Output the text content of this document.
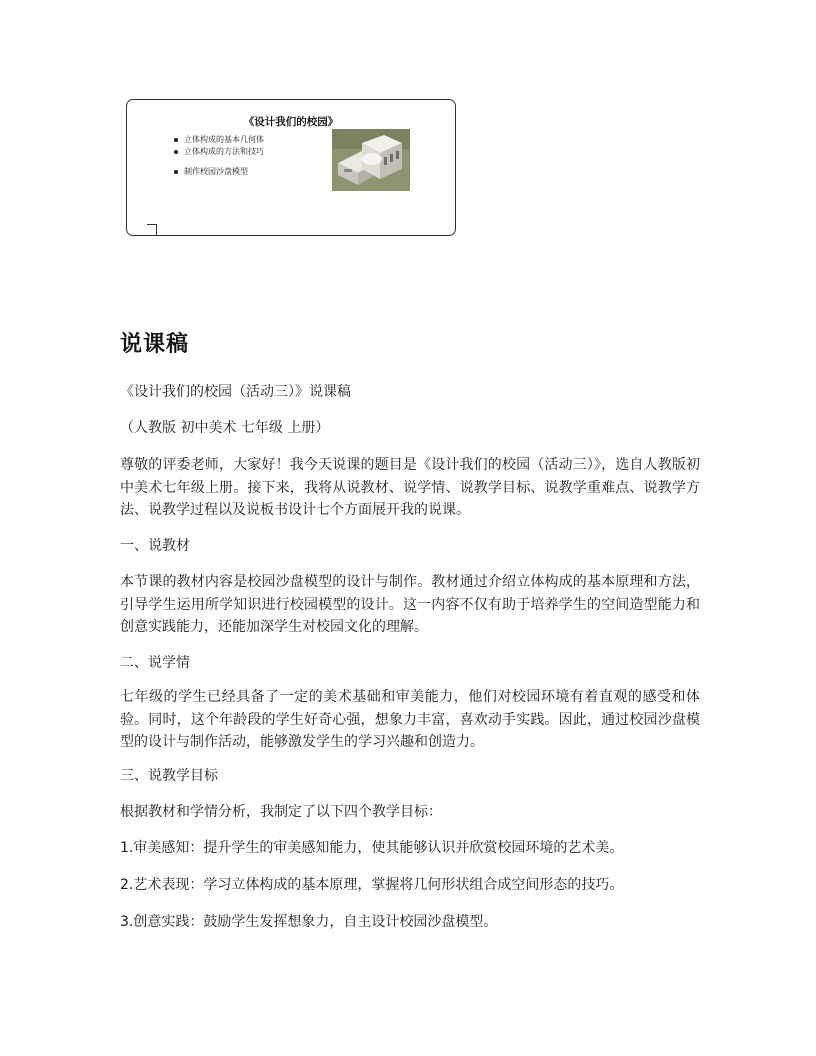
《设计我们的校园》
立体构成的基本几何体
立体构成的方法和技巧
制作校园沙盘模型
说课稿
《设计我们的校园（活动三）》说课稿
（人教版 初中美术 七年级 上册）
尊敬的评委老师，大家好！我今天说课的题目是《设计我们的校园（活动三）》，选自人教版初中美术七年级上册。接下来，我将从说教材、说学情、说教学目标、说教学重难点、说教学方法、说教学过程以及说板书设计七个方面展开我的说课。
一、说教材
本节课的教材内容是校园沙盘模型的设计与制作。教材通过介绍立体构成的基本原理和方法，引导学生运用所学知识进行校园模型的设计。这一内容不仅有助于培养学生的空间造型能力和创意实践能力，还能加深学生对校园文化的理解。
二、说学情
七年级的学生已经具备了一定的美术基础和审美能力，他们对校园环境有着直观的感受和体验。同时，这个年龄段的学生好奇心强，想象力丰富，喜欢动手实践。因此，通过校园沙盘模型的设计与制作活动，能够激发学生的学习兴趣和创造力。
三、说教学目标
根据教材和学情分析，我制定了以下四个教学目标：
1.审美感知：提升学生的审美感知能力，使其能够认识并欣赏校园环境的艺术美。
2.艺术表现：学习立体构成的基本原理，掌握将几何形状组合成空间形态的技巧。
3.创意实践：鼓励学生发挥想象力，自主设计校园沙盘模型。
